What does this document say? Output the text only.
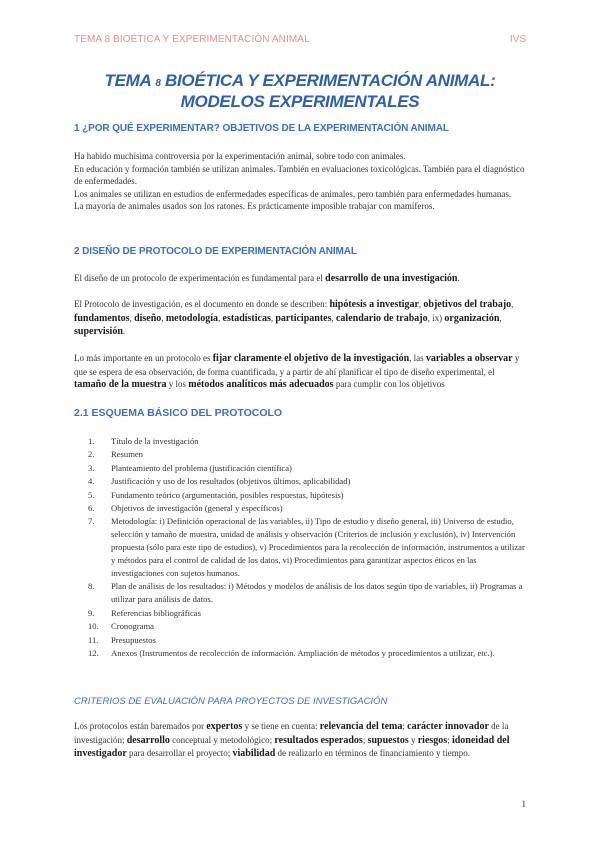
TEMA 8 BIOÉTICA Y EXPERIMENTACIÓN ANIMAL	IVS
TEMA 8 BIOÉTICA Y EXPERIMENTACIÓN ANIMAL:
MODELOS EXPERIMENTALES
1 ¿POR QUÉ EXPERIMENTAR? OBJETIVOS DE LA EXPERIMENTACIÓN ANIMAL
Ha habido muchísima controversia por la experimentación animal, sobre todo con animales.
En educación y formación también se utilizan animales. También en evaluaciones toxicológicas. También para el diagnóstico de enfermedades.
Los animales se utilizan en estudios de enfermedades específicas de animales, pero también para enfermedades humanas.
La mayoría de animales usados son los ratones. Es prácticamente imposible trabajar con mamíferos.
2 DISEÑO DE PROTOCOLO DE EXPERIMENTACIÓN ANIMAL
El diseño de un protocolo de experimentación es fundamental para el desarrollo de una investigación.
El Protocolo de investigación, es el documento en donde se describen: hipótesis a investigar, objetivos del trabajo, fundamentos, diseño, metodología, estadísticas, participantes, calendario de trabajo, ix) organización, supervisión.
Lo más importante en un protocolo es fijar claramente el objetivo de la investigación, las variables a observar y que se espera de esa observación, de forma cuantificada, y a partir de ahí planificar el tipo de diseño experimental, el tamaño de la muestra y los métodos analíticos más adecuados para cumplir con los objetivos
2.1 ESQUEMA BÁSICO DEL PROTOCOLO
1.	Título de la investigación
2.	Resumen
3.	Planteamiento del problema (justificación científica)
4.	Justificación y uso de los resultados (objetivos últimos, aplicabilidad)
5.	Fundamento teórico (argumentación, posibles respuestas, hipótesis)
6.	Objetivos de investigación (general y específicos)
7.	Metodología: i) Definición operacional de las variables, ii) Tipo de estudio y diseño general, iii) Universo de estudio, selección y tamaño de muestra, unidad de análisis y observación (Criterios de inclusión y exclusión), iv) Intervención propuesta (sólo para este tipo de estudios), v) Procedimientos para la recolección de información, instrumentos a utilizar y métodos para el control de calidad de los datos, vi) Procedimientos para garantizar aspectos éticos en las investigaciones con sujetos humanos.
8.	Plan de análisis de los resultados: i) Métodos y modelos de análisis de los datos según tipo de variables, ii) Programas a utilizar para análisis de datos.
9.	Referencias bibliográficas
10.	Cronograma
11.	Presupuestos
12.	Anexos (Instrumentos de recolección de información. Ampliación de métodos y procedimientos a utilizar, etc.).
CRITERIOS DE EVALUACIÓN PARA PROYECTOS DE INVESTIGACIÓN
Los protocolos están baremados por expertos y se tiene en cuenta: relevancia del tema; carácter innovador de la investigación; desarrollo conceptual y metodológico; resultados esperados; supuestos y riesgos; idoneidad del investigador para desarrollar el proyecto; viabilidad de realizarlo en términos de financiamiento y tiempo.
1
